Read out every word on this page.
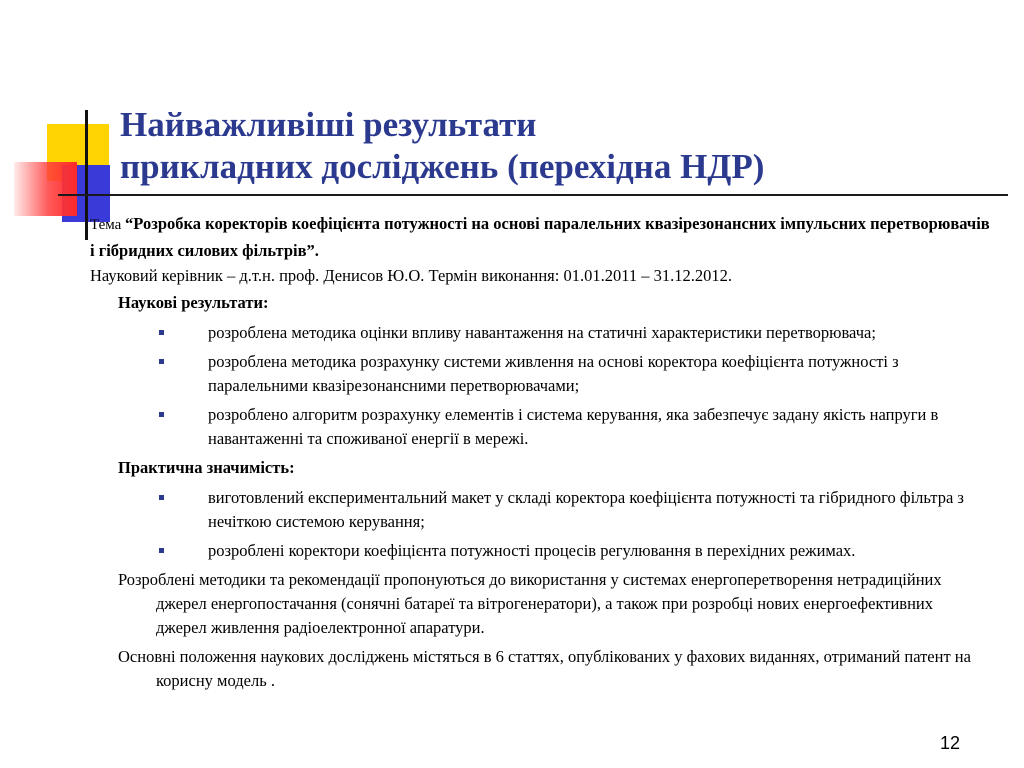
Найважливіші результати
прикладних досліджень (перехідна НДР)
Тема “Розробка коректорів коефіцієнта потужності на основі паралельних квазірезонансних імпульсних перетворювачів і гібридних силових фільтрів”.
Науковий керівник – д.т.н. проф. Денисов Ю.О. Термін виконання: 01.01.2011 – 31.12.2012.
Наукові результати:
розроблена методика оцінки впливу навантаження на статичні характеристики перетворювача;
розроблена методика розрахунку системи живлення на основі коректора коефіцієнта потужності з паралельними квазірезонансними перетворювачами;
розроблено алгоритм розрахунку елементів і система керування, яка забезпечує задану якість напруги в навантаженні та споживаної енергії в мережі.
Практична значимість:
виготовлений експериментальний макет у складі коректора коефіцієнта потужності та гібридного фільтра з нечіткою системою керування;
розроблені коректори коефіцієнта потужності процесів регулювання в перехідних режимах.

Розроблені методики та рекомендації пропонуються до використання у системах енергоперетворення нетрадиційних джерел енергопостачання (сонячні батареї та вітрогенератори), а також при розробці нових енергоефективних джерел живлення радіоелектронної апаратури.

Основні положення наукових досліджень містяться в 6 статтях, опублікованих у фахових виданнях, отриманий патент на корисну модель .

12
